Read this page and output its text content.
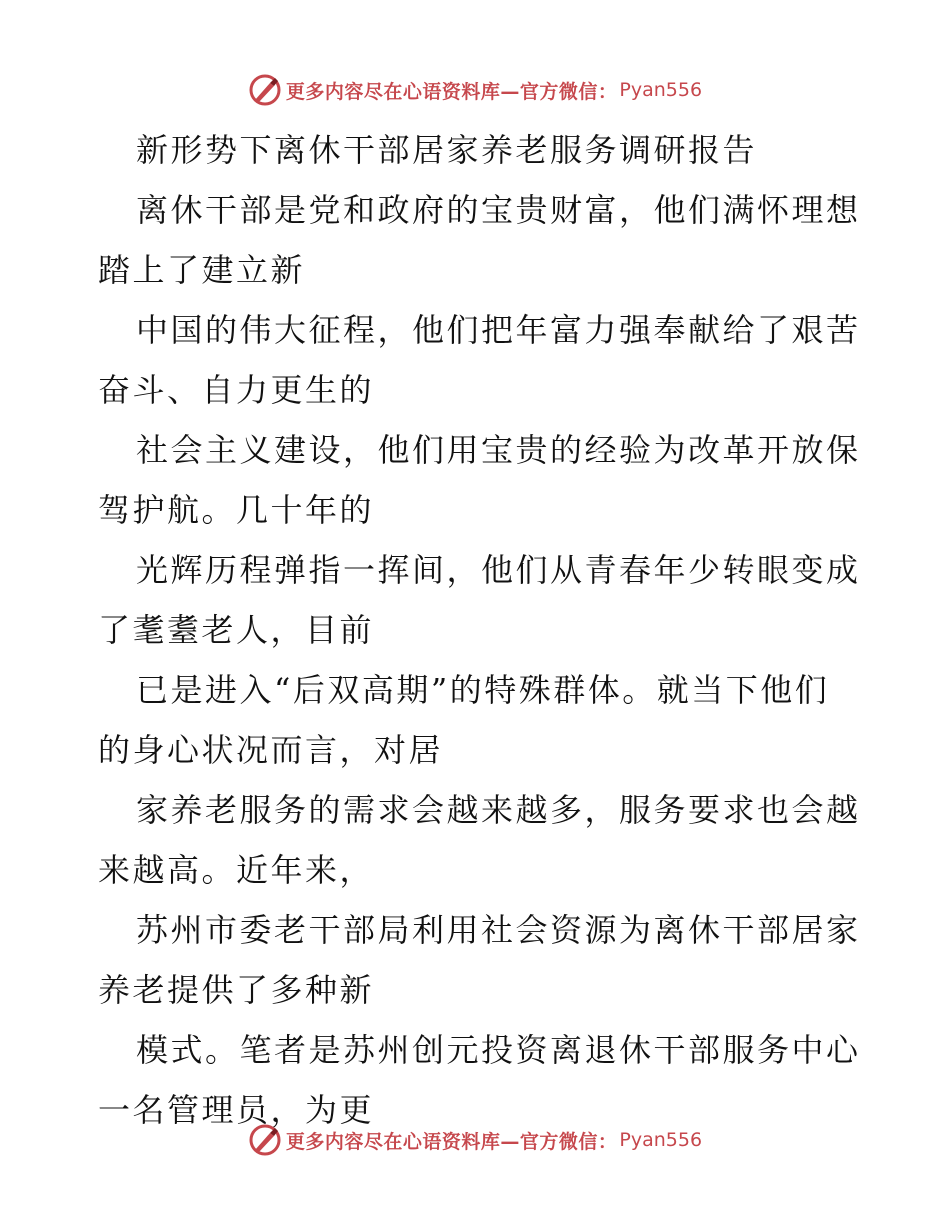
更多内容尽在心语资料库—官方微信： Pyan556
新形势下离休干部居家养老服务调研报告
离休干部是党和政府的宝贵财富，他们满怀理想
踏上了建立新
中国的伟大征程，他们把年富力强奉献给了艰苦
奋斗、自力更生的
社会主义建设，他们用宝贵的经验为改革开放保
驾护航。几十年的
光辉历程弹指一挥间，他们从青春年少转眼变成
了耄耋老人，目前
已是进入“后双高期”的特殊群体。就当下他们
的身心状况而言，对居
家养老服务的需求会越来越多，服务要求也会越
来越高。近年来，
苏州市委老干部局利用社会资源为离休干部居家
养老提供了多种新
模式。笔者是苏州创元投资离退休干部服务中心
一名管理员，为更
更多内容尽在心语资料库—官方微信： Pyan556
